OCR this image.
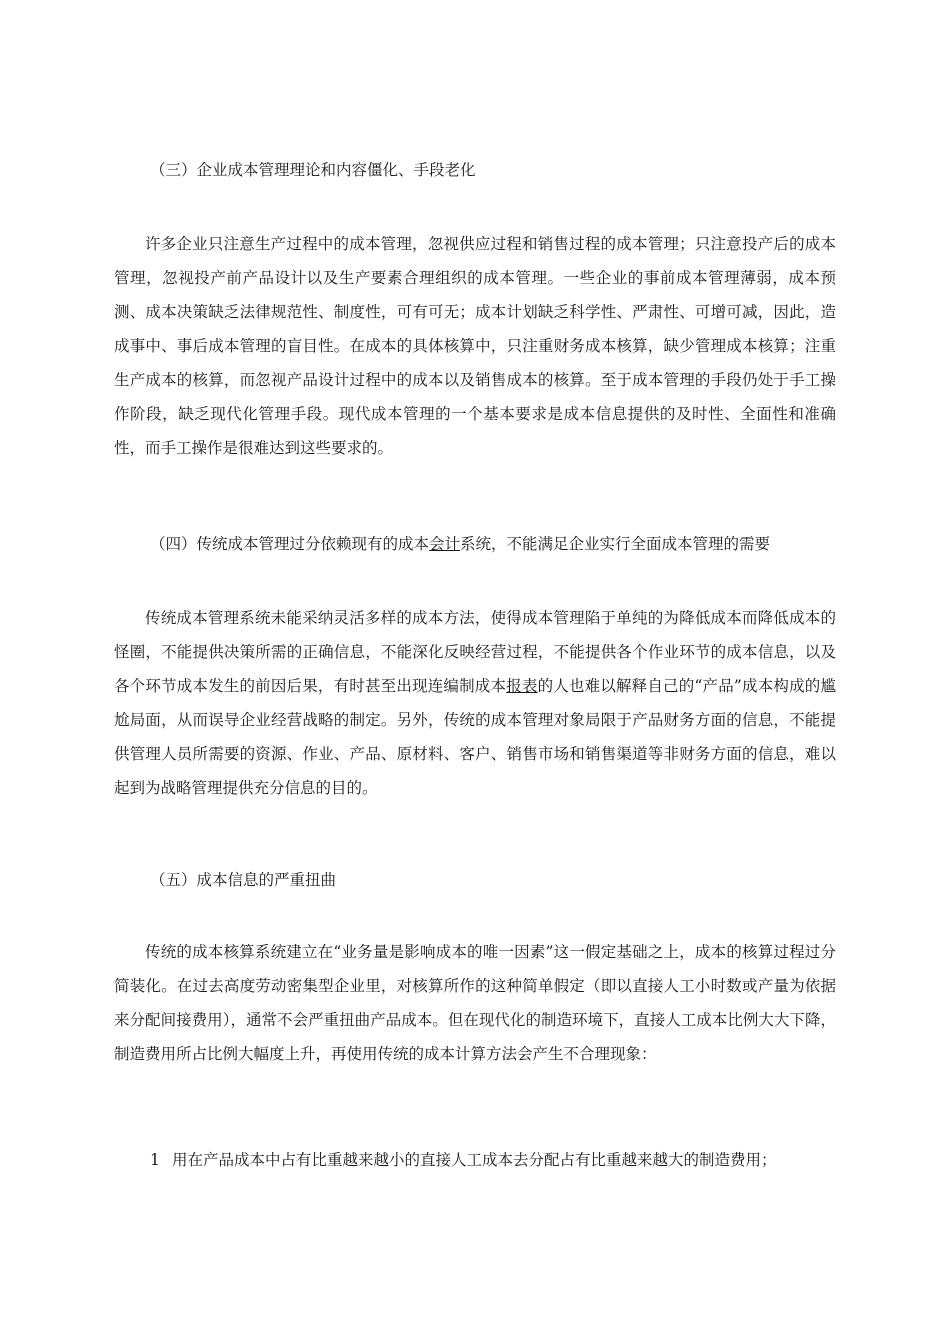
（三）企业成本管理理论和内容僵化、手段老化

许多企业只注意生产过程中的成本管理，忽视供应过程和销售过程的成本管理；只注意投产后的成本管理，忽视投产前产品设计以及生产要素合理组织的成本管理。一些企业的事前成本管理薄弱，成本预测、成本决策缺乏法律规范性、制度性，可有可无；成本计划缺乏科学性、严肃性、可增可减，因此，造成事中、事后成本管理的盲目性。在成本的具体核算中，只注重财务成本核算，缺少管理成本核算；注重生产成本的核算，而忽视产品设计过程中的成本以及销售成本的核算。至于成本管理的手段仍处于手工操作阶段，缺乏现代化管理手段。现代成本管理的一个基本要求是成本信息提供的及时性、全面性和准确性，而手工操作是很难达到这些要求的。

（四）传统成本管理过分依赖现有的成本会计系统，不能满足企业实行全面成本管理的需要

传统成本管理系统未能采纳灵活多样的成本方法，使得成本管理陷于单纯的为降低成本而降低成本的怪圈，不能提供决策所需的正确信息，不能深化反映经营过程，不能提供各个作业环节的成本信息，以及各个环节成本发生的前因后果，有时甚至出现连编制成本报表的人也难以解释自己的“产品”成本构成的尴尬局面，从而误导企业经营战略的制定。另外，传统的成本管理对象局限于产品财务方面的信息，不能提供管理人员所需要的资源、作业、产品、原材料、客户、销售市场和销售渠道等非财务方面的信息，难以起到为战略管理提供充分信息的目的。

（五）成本信息的严重扭曲

传统的成本核算系统建立在“业务量是影响成本的唯一因素”这一假定基础之上，成本的核算过程过分简装化。在过去高度劳动密集型企业里，对核算所作的这种简单假定（即以直接人工小时数或产量为依据来分配间接费用），通常不会严重扭曲产品成本。但在现代化的制造环境下，直接人工成本比例大大下降，制造费用所占比例大幅度上升，再使用传统的成本计算方法会产生不合理现象：

1 用在产品成本中占有比重越来越小的直接人工成本去分配占有比重越来越大的制造费用；
